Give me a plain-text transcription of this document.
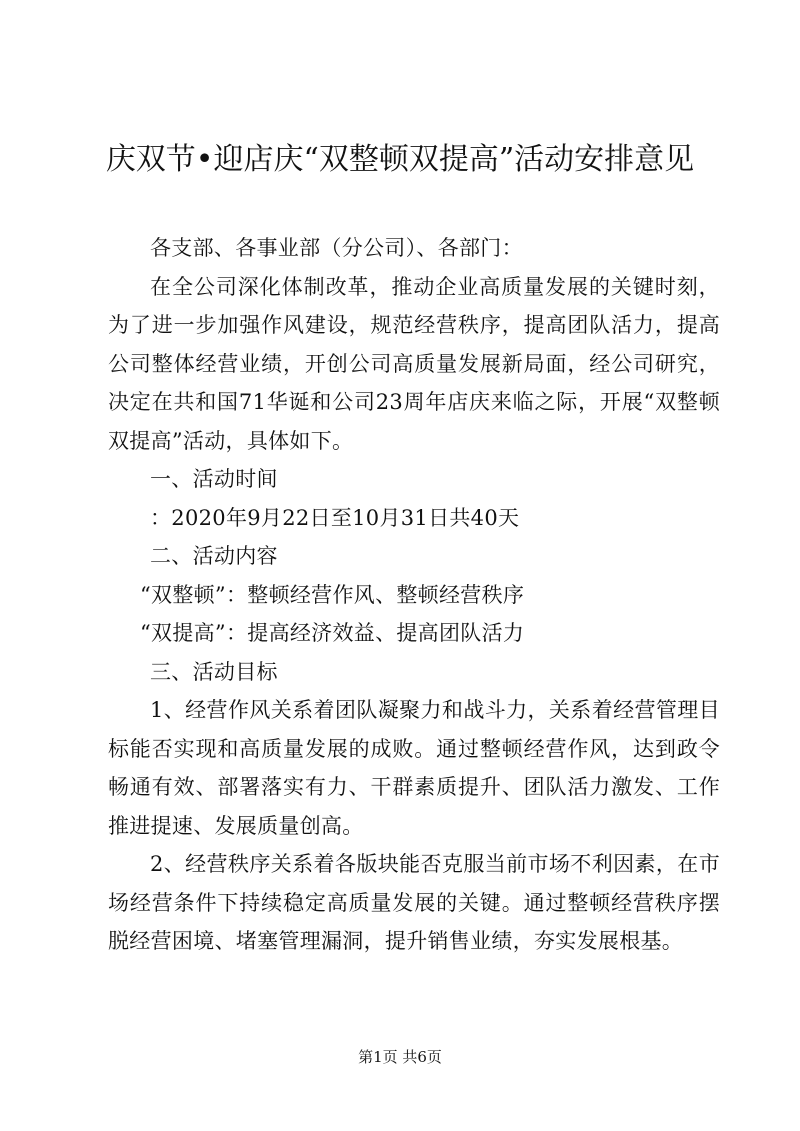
庆双节•迎店庆“双整顿双提高”活动安排意见

各支部、各事业部（分公司）、各部门：

在全公司深化体制改革，推动企业高质量发展的关键时刻，为了进一步加强作风建设，规范经营秩序，提高团队活力，提高公司整体经营业绩，开创公司高质量发展新局面，经公司研究，决定在共和国71华诞和公司23周年店庆来临之际，开展“双整顿双提高”活动，具体如下。

一、活动时间

：2020年9月22日至10月31日共40天

二、活动内容

“双整顿”：整顿经营作风、整顿经营秩序

“双提高”：提高经济效益、提高团队活力

三、活动目标

1、经营作风关系着团队凝聚力和战斗力，关系着经营管理目标能否实现和高质量发展的成败。通过整顿经营作风，达到政令畅通有效、部署落实有力、干群素质提升、团队活力激发、工作推进提速、发展质量创高。

2、经营秩序关系着各版块能否克服当前市场不利因素，在市场经营条件下持续稳定高质量发展的关键。通过整顿经营秩序摆脱经营困境、堵塞管理漏洞，提升销售业绩，夯实发展根基。

第1页 共6页
